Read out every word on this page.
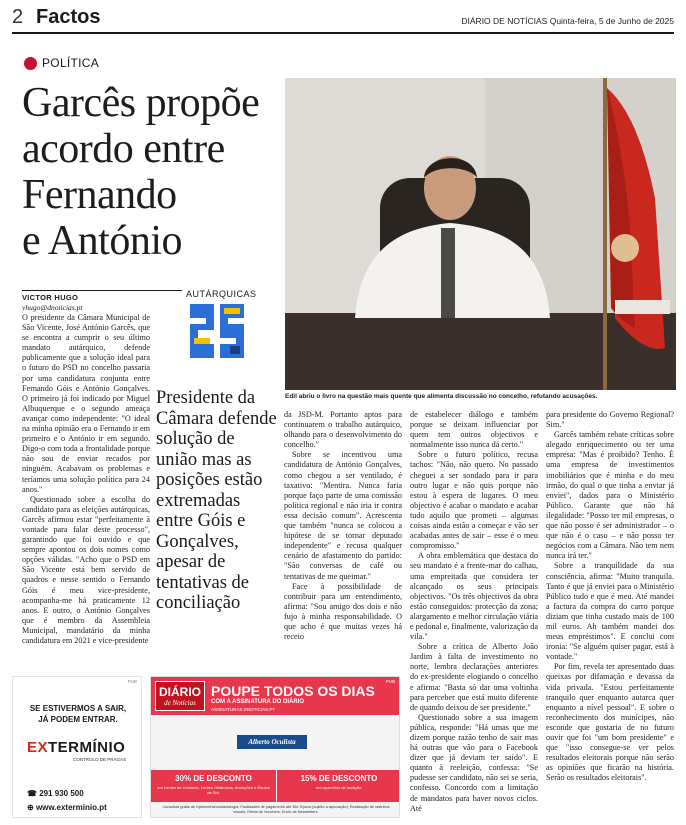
2 Factos	DIÁRIO DE NOTÍCIAS Quinta-feira, 5 de Junho de 2025
POLÍTICA
Garcês propõe
acordo entre
Fernando
e António
Edil abriu o livro na questão mais quente que alimenta discussão no concelho, refutando acusações.
VICTOR HUGO
vhugo@dnoticias.pt
AUTÁRQUICAS

O presidente da Câmara Municipal de São Vicente, José António Garcês, que se encontra a cumprir o seu último mandato autárquico, defende publicamente que a solução ideal para o futuro do PSD no concelho passaria por uma candidatura conjunta entre Fernando Góis e António Gonçalves. O primeiro já foi indicado por Miguel Albuquerque e o segundo ameaça avançar como independente: "O ideal na minha opinião era o Fernando ir em primeiro e o António ir em segundo. Digo-o com toda a frontalidade porque não sou de enviar recados por ninguém. Acabavam os problemas e teríamos uma solução política para 24 anos."

Questionado sobre a escolha do candidato para as eleições autárquicas, Garcês afirmou estar "perfeitamente à vontade para falar deste processo", garantindo que foi ouvido e que sempre apontou os dois nomes como opções válidas. "Acho que o PSD em São Vicente está bem servido de quadros e nesse sentido o Fernando Góis é meu vice-presidente, acompanha-me há praticamente 12 anos. E outro, o António Gonçalves que é membro da Assembleia Municipal, mandatário da minha candidatura em 2021 e vice-presidente

Presidente da Câmara defende solução de união mas as posições estão extremadas entre Góis e Gonçalves, apesar de tentativas de conciliação

da JSD-M. Portanto aptos para continuarem o trabalho autárquico, olhando para o desenvolvimento do concelho."

Sobre se incentivou uma candidatura de António Gonçalves, como chegou a ser ventilado, é taxativo: "Mentira. Nunca faria porque faço parte de uma comissão política regional e não iria ir contra essa decisão comum". Acrescenta que também "nunca se colocou a hipótese de se tornar deputado independente" e recusa qualquer cenário de afastamento do partido: "São conversas de café ou tentativas de me queimar."

Face à possibilidade de contribuir para um entendimento, afirma: "Sou amigo dos dois e não fujo à minha responsabilidade. O que acho é que muitas vezes há receio

de estabelecer diálogo e também porque se deixam influenciar por quem tem outros objectivos e normalmente isso nunca dá certo."

Sobre o futuro político, recusa tachos: "Não, não quero. No passado cheguei a ser sondado para ir para outro lugar e não quis porque não estou à espera de lugares. O meu objectivo é acabar o mandato e acabar tudo aquilo que prometi – algumas coisas ainda estão a começar e vão ser acabadas antes de sair – esse é o meu compromisso."

A obra emblemática que destaca do seu mandato é a frente-mar do calhau, uma empreitada que considera ter alcançado os seus principais objectivos. "Os três objectivos da obra estão conseguidos: protecção da zona; alargamento e melhor circulação viária e pedonal e, finalmente, valorização da vila."

Sobre a crítica de Alberto João Jardim à falta de investimento no norte, lembra declarações anteriores do ex-presidente elogiando o concelho e afirma: "Basta só dar uma voltinha para perceber que está muito diferente de quando deixou de ser presidente."

Questionado sobre a sua imagem pública, responde: "Há umas que me dizem porque razão tenho de sair mas há outras que vão para o Facebook dizer que já deviam ter saído". E quanto à reeleição, confessa: "Se pudesse ser candidato, não sei se seria, confesso. Concordo com a limitação de mandatos para haver novos ciclos. Até

para presidente do Governo Regional? Sim."

Garcês também rebate críticas sobre alegado enriquecimento ou ter uma empresa: "Mas é proibido? Tenho. É uma empresa de investimentos imobiliários que é minha e do meu irmão, do qual o que tinha a enviar já enviei", dados para o Ministério Público. Garante que não há ilegalidade: "Posso ter mil empresas, o que não posso é ser administrador – o que não é o caso – e não posso ter negócios com a Câmara. Não tem nem nunca irá ter."

Sobre a tranquilidade da sua consciência, afirma: "Muito tranquila. Tanto é que já enviei para o Ministério Público tudo e que é meu. Até mandei a factura da compra do carro porque diziam que tinha custado mais de 100 mil euros. Ah também mandei dos meus empréstimos". E conclui com ironia: "Se alguém quiser pagar, está à vontade."

Por fim, revela ter apresentado duas queixas por difamação e devassa da vida privada. "Estou perfeitamente tranquilo quer enquanto autarca quer enquanto a nível pessoal". E sobre o reconhecimento dos munícipes, não esconde que gostaria de no futuro ouvir que foi "um bom presidente" e que "isso consegue-se ver pelos resultados eleitorais porque não serão as opiniões que ficarão na história. Serão os resultados eleitorais".

PUB
SE ESTIVERMOS A SAIR,
JÁ PODEM ENTRAR.
EXTERMÍNIO
CONTROLO DE PRAGAS
☎ 291 930 500
⊕ www.exterminio.pt
PUB
DIÁRIO
de Notícias
POUPE TODOS OS DIAS
COM A ASSINATURA DO DIÁRIO
ASSINATURAS.DNOTICIAS.PT
Alberto Oculista
30% DE DESCONTO
em Lentes de Contacto, Lentes Oftálmicas, Armações e Óculos de Sol.
15% DE DESCONTO
em aparelhos de audição.
Consultas grátis de Optometria/contactologia; Facilidades de pagamento até 36x S/juros (sujeito a aprovação); Realização de rastreios visuais; Oferta de Vouchers; Envio de Newsletters.
